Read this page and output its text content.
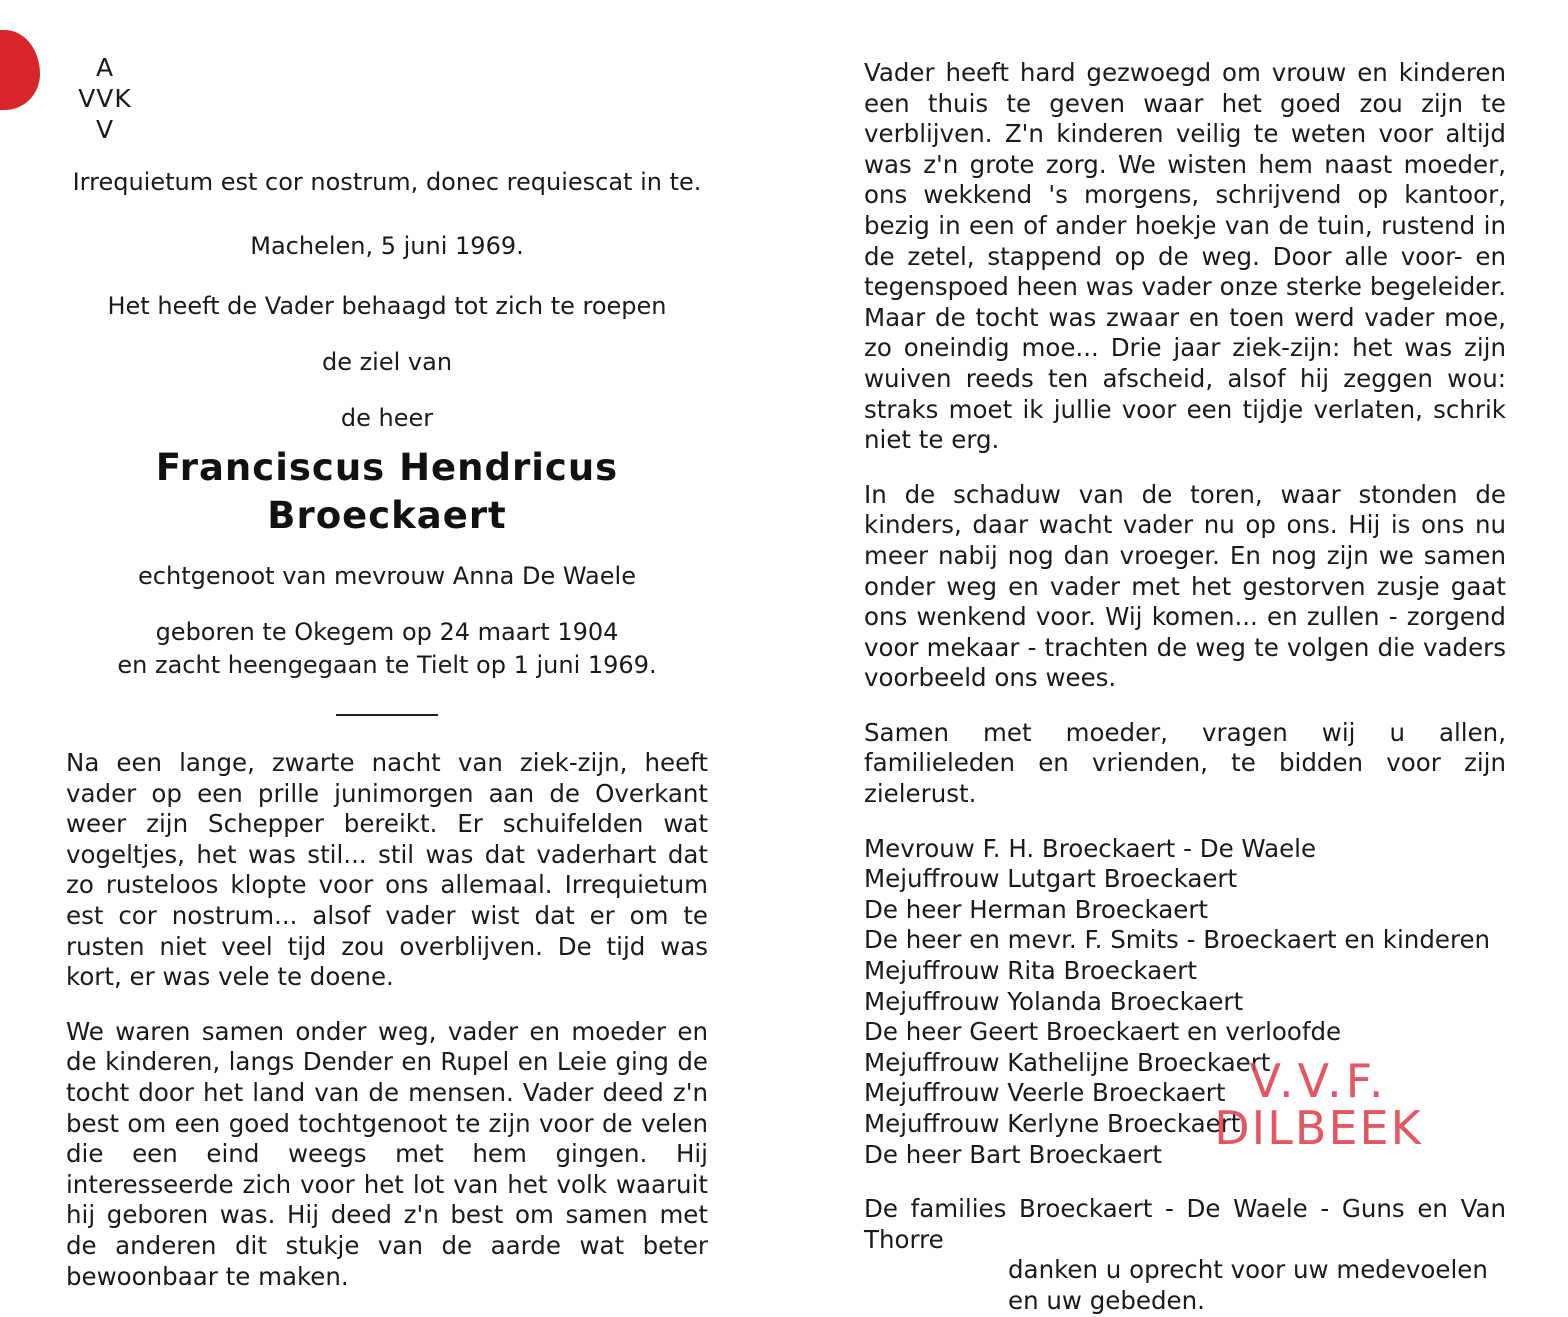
A
VVK
V

Irrequietum est cor nostrum, donec requiescat in te.

Machelen, 5 juni 1969.

Het heeft de Vader behaagd tot zich te roepen

de ziel van

de heer

Franciscus Hendricus
Broeckaert

echtgenoot van mevrouw Anna De Waele

geboren te Okegem op 24 maart 1904

en zacht heengegaan te Tielt op 1 juni 1969.

Na een lange, zwarte nacht van ziek-zijn, heeft vader op een prille junimorgen aan de Overkant weer zijn Schepper bereikt. Er schuifelden wat vogeltjes, het was stil... stil was dat vaderhart dat zo rusteloos klopte voor ons allemaal. Irrequietum est cor nostrum... alsof vader wist dat er om te rusten niet veel tijd zou overblijven. De tijd was kort, er was vele te doene.

We waren samen onder weg, vader en moeder en de kinderen, langs Dender en Rupel en Leie ging de tocht door het land van de mensen. Vader deed z'n best om een goed tochtgenoot te zijn voor de velen die een eind weegs met hem gingen. Hij interesseerde zich voor het lot van het volk waaruit hij geboren was. Hij deed z'n best om samen met de anderen dit stukje van de aarde wat beter bewoonbaar te maken.

Vader heeft hard gezwoegd om vrouw en kinderen een thuis te geven waar het goed zou zijn te verblijven. Z'n kinderen veilig te weten voor altijd was z'n grote zorg. We wisten hem naast moeder, ons wekkend 's morgens, schrijvend op kantoor, bezig in een of ander hoekje van de tuin, rustend in de zetel, stappend op de weg. Door alle voor- en tegenspoed heen was vader onze sterke begeleider. Maar de tocht was zwaar en toen werd vader moe, zo oneindig moe... Drie jaar ziek-zijn: het was zijn wuiven reeds ten afscheid, alsof hij zeggen wou: straks moet ik jullie voor een tijdje verlaten, schrik niet te erg.

In de schaduw van de toren, waar stonden de kinders, daar wacht vader nu op ons. Hij is ons nu meer nabij nog dan vroeger. En nog zijn we samen onder weg en vader met het gestorven zusje gaat ons wenkend voor. Wij komen... en zullen - zorgend voor mekaar - trachten de weg te volgen die vaders voorbeeld ons wees.

Samen met moeder, vragen wij u allen, familieleden en vrienden, te bidden voor zijn zielerust.

Mevrouw F. H. Broeckaert - De Waele
Mejuffrouw Lutgart Broeckaert
De heer Herman Broeckaert
De heer en mevr. F. Smits - Broeckaert en kinderen
Mejuffrouw Rita Broeckaert
Mejuffrouw Yolanda Broeckaert
De heer Geert Broeckaert en verloofde
Mejuffrouw Kathelijne Broeckaert
Mejuffrouw Veerle Broeckaert
Mejuffrouw Kerlyne Broeckaert
De heer Bart Broeckaert

De families Broeckaert - De Waele - Guns en Van Thorre

danken u oprecht voor uw medevoelen
en uw gebeden.
V.V.F.
DILBEEK
